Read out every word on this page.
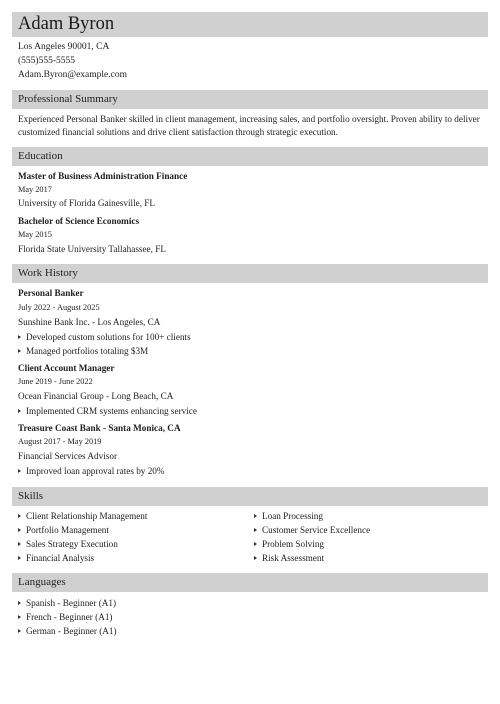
Adam Byron
Los Angeles 90001, CA
(555)555-5555
Adam.Byron@example.com
Professional Summary
Experienced Personal Banker skilled in client management, increasing sales, and portfolio oversight. Proven ability to deliver customized financial solutions and drive client satisfaction through strategic execution.
Education
Master of Business Administration Finance
May 2017
University of Florida Gainesville, FL
Bachelor of Science Economics
May 2015
Florida State University Tallahassee, FL
Work History
Personal Banker
July 2022 - August 2025
Sunshine Bank Inc. - Los Angeles, CA
Developed custom solutions for 100+ clients
Managed portfolios totaling $3M
Client Account Manager
June 2019 - June 2022
Ocean Financial Group - Long Beach, CA
Implemented CRM systems enhancing service
Treasure Coast Bank - Santa Monica, CA
August 2017 - May 2019
Financial Services Advisor
Improved loan approval rates by 20%
Skills
Client Relationship Management
Portfolio Management
Sales Strategy Execution
Financial Analysis
Loan Processing
Customer Service Excellence
Problem Solving
Risk Assessment
Languages
Spanish - Beginner (A1)
French - Beginner (A1)
German - Beginner (A1)
